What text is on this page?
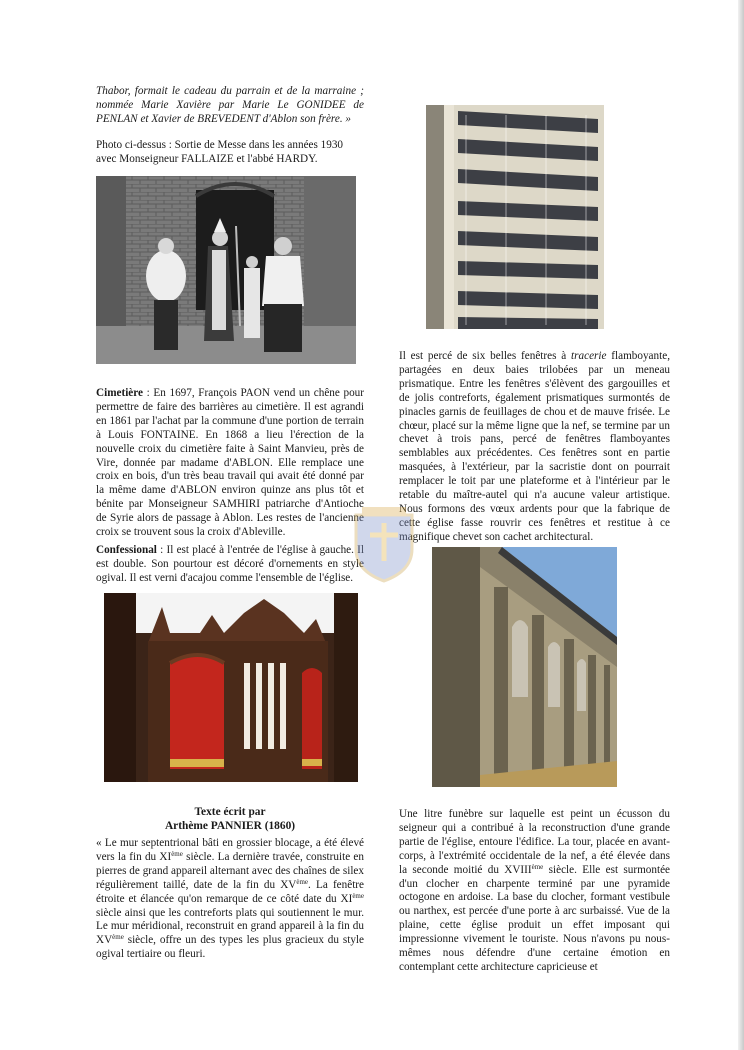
Thabor, formait le cadeau du parrain et de la marraine ; nommée Marie Xavière par Marie Le GONIDEE de PENLAN et Xavier de BREVEDENT d'Ablon son frère. »

Photo ci-dessus : Sortie de Messe dans les années 1930 avec Monseigneur FALLAIZE et l'abbé HARDY.

Cimetière : En 1697, François PAON vend un chêne pour permettre de faire des barrières au cimetière. Il est agrandi en 1861 par l'achat par la commune d'une portion de terrain à Louis FONTAINE. En 1868 a lieu l'érection de la nouvelle croix du cimetière faite à Saint Manvieu, près de Vire, donnée par madame d'ABLON. Elle remplace une croix en bois, d'un très beau travail qui avait été donné par la même dame d'ABLON environ quinze ans plus tôt et bénite par Monseigneur SAMHIRI patriarche d'Antioche de Syrie alors de passage à Ablon. Les restes de l'ancienne croix se trouvent sous la croix d'Ableville.

Confessional : Il est placé à l'entrée de l'église à gauche. Il est double. Son pourtour est décoré d'ornements en style ogival. Il est verni d'acajou comme l'ensemble de l'église.

Texte écrit par
Arthème PANNIER (1860)

« Le mur septentrional bâti en grossier blocage, a été élevé vers la fin du XIème siècle. La dernière travée, construite en pierres de grand appareil alternant avec des chaînes de silex régulièrement taillé, date de la fin du XVème. La fenêtre étroite et élancée qu'on remarque de ce côté date du XIème siècle ainsi que les contreforts plats qui soutiennent le mur. Le mur méridional, reconstruit en grand appareil à la fin du XVème siècle, offre un des types les plus gracieux du style ogival tertiaire ou fleuri.

Il est percé de six belles fenêtres à tracerie flamboyante, partagées en deux baies trilobées par un meneau prismatique. Entre les fenêtres s'élèvent des gargouilles et de jolis contreforts, également prismatiques surmontés de pinacles garnis de feuillages de chou et de mauve frisée. Le chœur, placé sur la même ligne que la nef, se termine par un chevet à trois pans, percé de fenêtres flamboyantes semblables aux précédentes. Ces fenêtres sont en partie masquées, à l'extérieur, par la sacristie dont on pourrait remplacer le toit par une plateforme et à l'intérieur par le retable du maître-autel qui n'a aucune valeur artistique. Nous formons des vœux ardents pour que la fabrique de cette église fasse rouvrir ces fenêtres et restitue à ce magnifique chevet son cachet architectural.

Une litre funèbre sur laquelle est peint un écusson du seigneur qui a contribué à la reconstruction d'une grande partie de l'église, entoure l'édifice. La tour, placée en avant-corps, à l'extrémité occidentale de la nef, a été élevée dans la seconde moitié du XVIIIème siècle. Elle est surmontée d'un clocher en charpente terminé par une pyramide octogone en ardoise. La base du clocher, formant vestibule ou narthex, est percée d'une porte à arc surbaissé. Vue de la plaine, cette église produit un effet imposant qui impressionne vivement le touriste. Nous n'avons pu nous-mêmes nous défendre d'une certaine émotion en contemplant cette architecture capricieuse et
